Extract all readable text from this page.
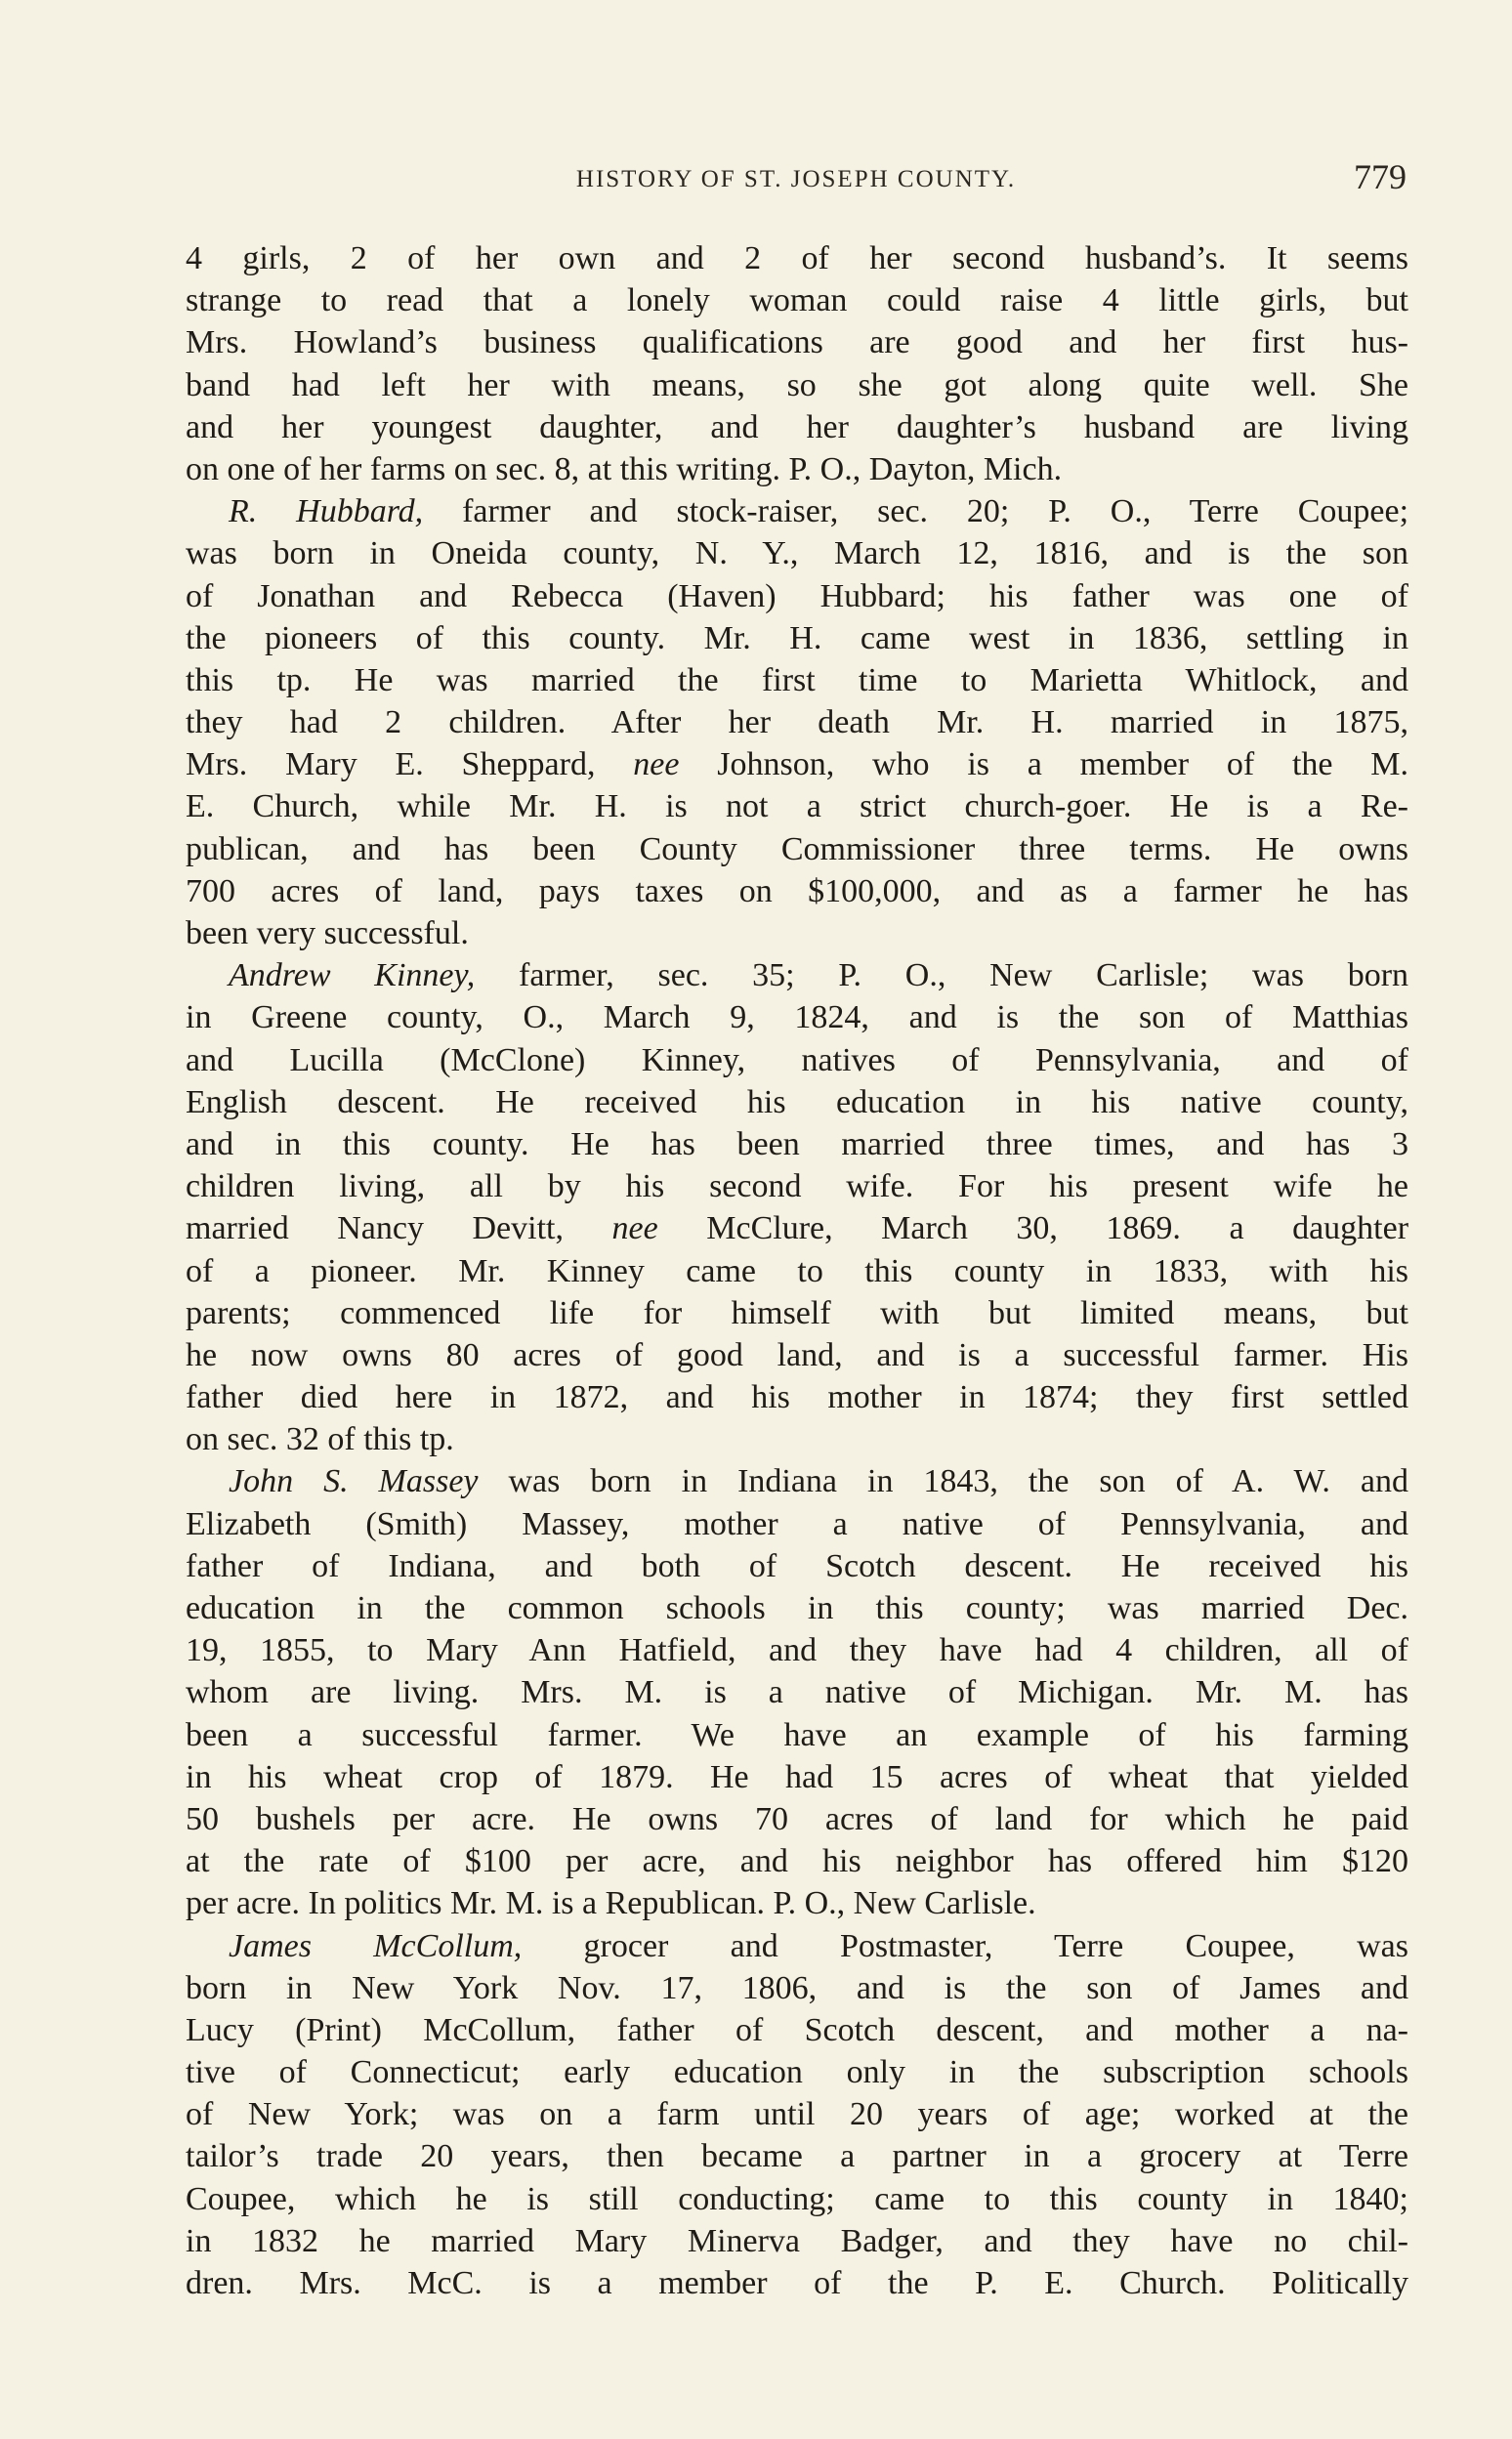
HISTORY OF ST. JOSEPH COUNTY.	779
4 girls, 2 of her own and 2 of her second husband’s. It seems
strange to read that a lonely woman could raise 4 little girls, but
Mrs. Howland’s business qualifications are good and her first hus-
band had left her with means, so she got along quite well. She
and her youngest daughter, and her daughter’s husband are living
on one of her farms on sec. 8, at this writing. P. O., Dayton, Mich.
R. Hubbard, farmer and stock-raiser, sec. 20; P. O., Terre Coupee;
was born in Oneida county, N. Y., March 12, 1816, and is the son
of Jonathan and Rebecca (Haven) Hubbard; his father was one of
the pioneers of this county. Mr. H. came west in 1836, settling in
this tp. He was married the first time to Marietta Whitlock, and
they had 2 children. After her death Mr. H. married in 1875,
Mrs. Mary E. Sheppard, nee Johnson, who is a member of the M.
E. Church, while Mr. H. is not a strict church-goer. He is a Re-
publican, and has been County Commissioner three terms. He owns
700 acres of land, pays taxes on $100,000, and as a farmer he has
been very successful.
Andrew Kinney, farmer, sec. 35; P. O., New Carlisle; was born
in Greene county, O., March 9, 1824, and is the son of Matthias
and Lucilla (McClone) Kinney, natives of Pennsylvania, and of
English descent. He received his education in his native county,
and in this county. He has been married three times, and has 3
children living, all by his second wife. For his present wife he
married Nancy Devitt, nee McClure, March 30, 1869. a daughter
of a pioneer. Mr. Kinney came to this county in 1833, with his
parents; commenced life for himself with but limited means, but
he now owns 80 acres of good land, and is a successful farmer. His
father died here in 1872, and his mother in 1874; they first settled
on sec. 32 of this tp.
John S. Massey was born in Indiana in 1843, the son of A. W. and
Elizabeth (Smith) Massey, mother a native of Pennsylvania, and
father of Indiana, and both of Scotch descent. He received his
education in the common schools in this county; was married Dec.
19, 1855, to Mary Ann Hatfield, and they have had 4 children, all of
whom are living. Mrs. M. is a native of Michigan. Mr. M. has
been a successful farmer. We have an example of his farming
in his wheat crop of 1879. He had 15 acres of wheat that yielded
50 bushels per acre. He owns 70 acres of land for which he paid
at the rate of $100 per acre, and his neighbor has offered him $120
per acre. In politics Mr. M. is a Republican. P. O., New Carlisle.
James McCollum, grocer and Postmaster, Terre Coupee, was
born in New York Nov. 17, 1806, and is the son of James and
Lucy (Print) McCollum, father of Scotch descent, and mother a na-
tive of Connecticut; early education only in the subscription schools
of New York; was on a farm until 20 years of age; worked at the
tailor’s trade 20 years, then became a partner in a grocery at Terre
Coupee, which he is still conducting; came to this county in 1840;
in 1832 he married Mary Minerva Badger, and they have no chil-
dren. Mrs. McC. is a member of the P. E. Church. Politically
